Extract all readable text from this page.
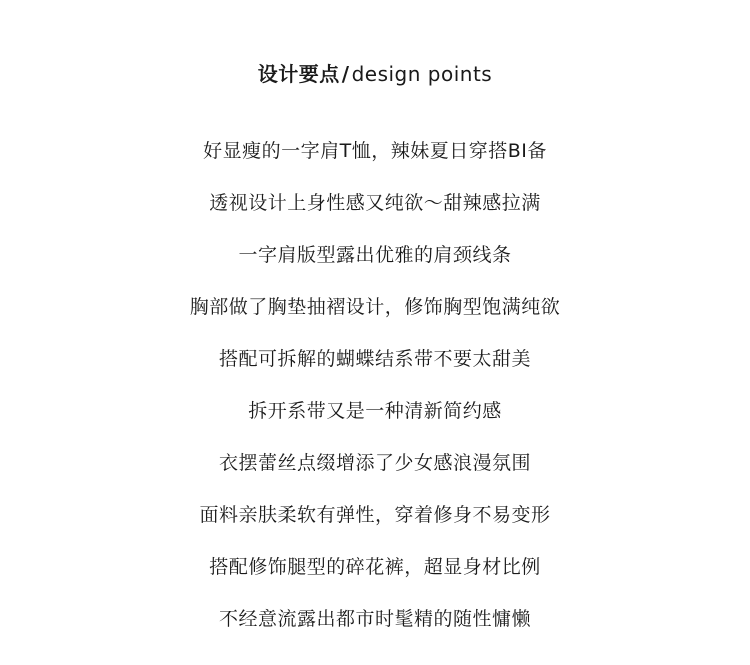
设计要点 / design points
好显瘦的一字肩T恤，辣妹夏日穿搭BI备
透视设计上身性感又纯欲～甜辣感拉满
一字肩版型露出优雅的肩颈线条
胸部做了胸垫抽褶设计，修饰胸型饱满纯欲
搭配可拆解的蝴蝶结系带不要太甜美
拆开系带又是一种清新简约感
衣摆蕾丝点缀增添了少女感浪漫氛围
面料亲肤柔软有弹性，穿着修身不易变形
搭配修饰腿型的碎花裤，超显身材比例
不经意流露出都市时髦精的随性慵懒
